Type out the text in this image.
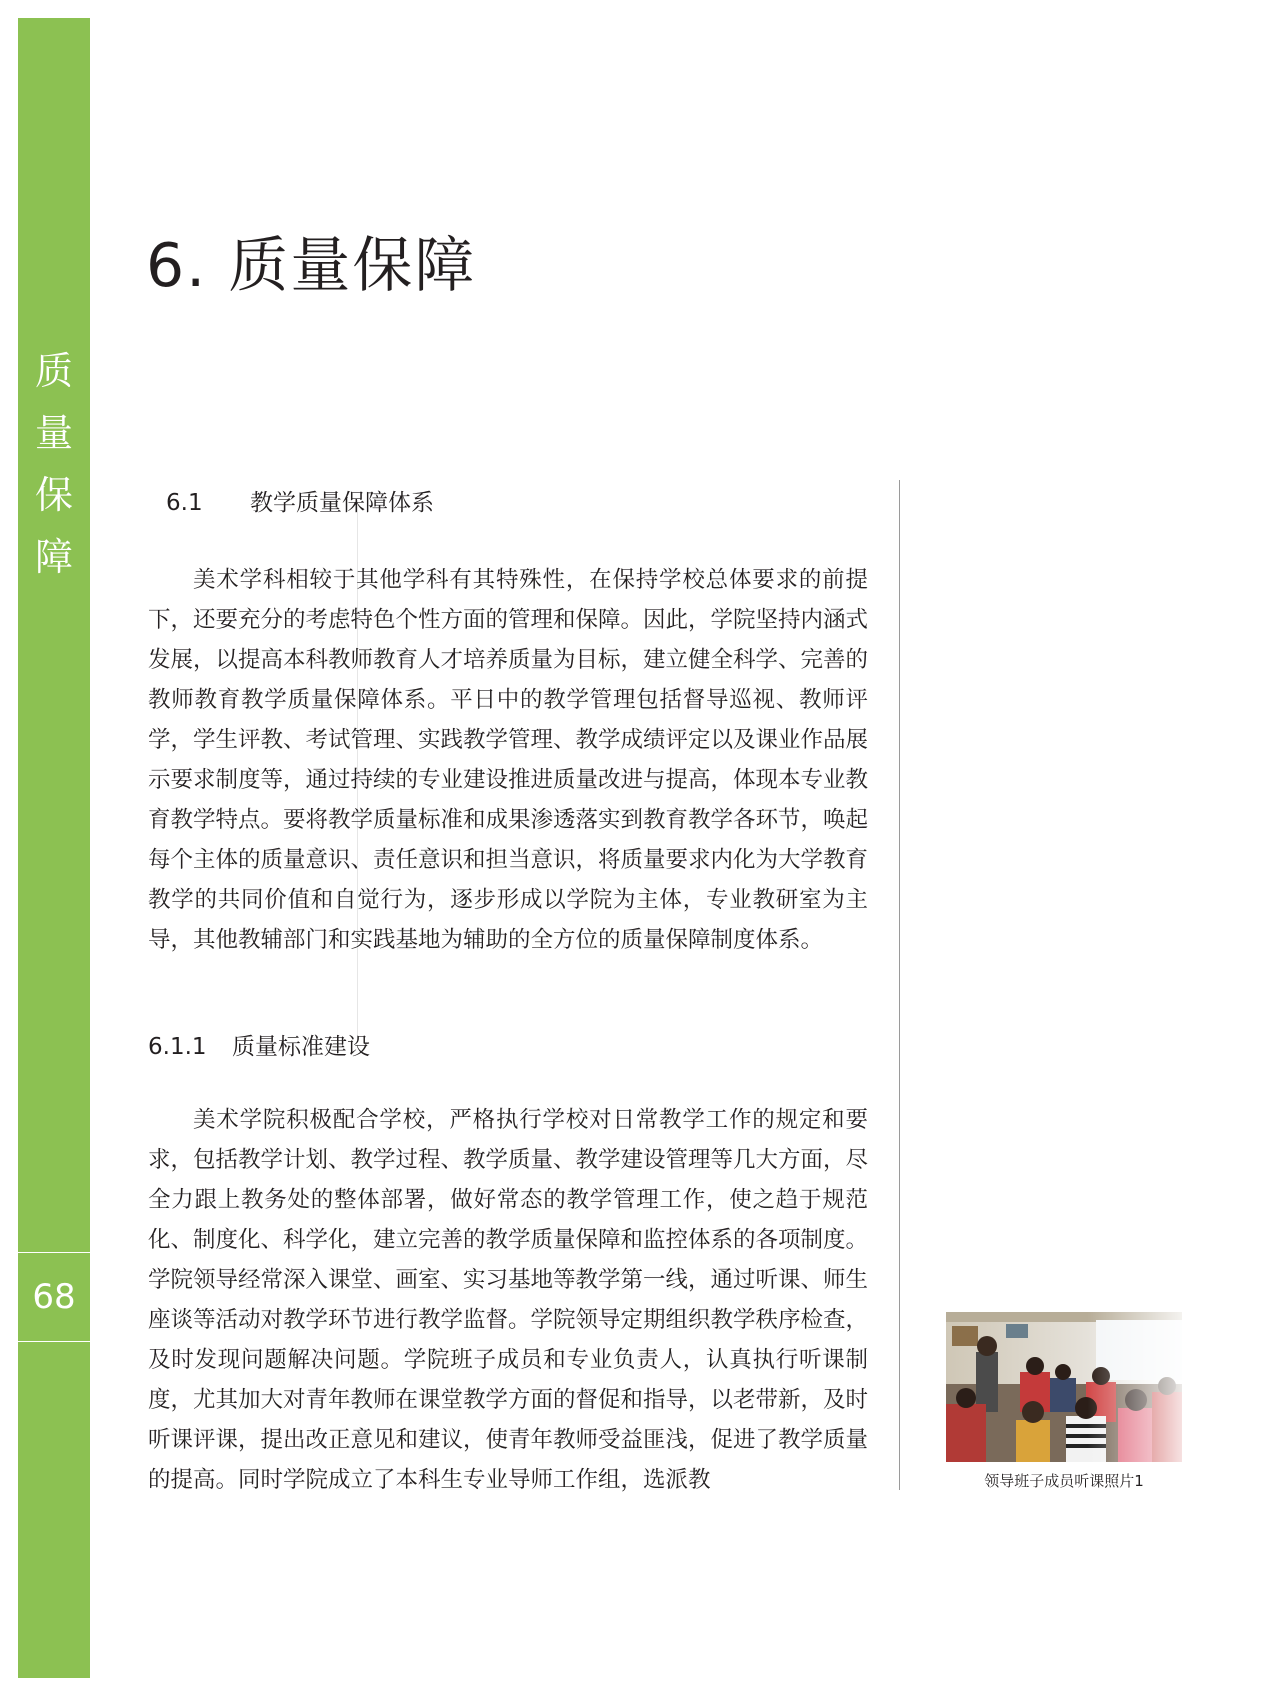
质
量
保
障
68
6. 质量保障
6.1 教学质量保障体系

美术学科相较于其他学科有其特殊性，在保持学校总体要求的前提下，还要充分的考虑特色个性方面的管理和保障。因此，学院坚持内涵式发展，以提高本科教师教育人才培养质量为目标，建立健全科学、完善的教师教育教学质量保障体系。平日中的教学管理包括督导巡视、教师评学，学生评教、考试管理、实践教学管理、教学成绩评定以及课业作品展示要求制度等，通过持续的专业建设推进质量改进与提高，体现本专业教育教学特点。要将教学质量标准和成果渗透落实到教育教学各环节，唤起每个主体的质量意识、责任意识和担当意识，将质量要求内化为大学教育教学的共同价值和自觉行为，逐步形成以学院为主体，专业教研室为主导，其他教辅部门和实践基地为辅助的全方位的质量保障制度体系。

6.1.1 质量标准建设

美术学院积极配合学校，严格执行学校对日常教学工作的规定和要求，包括教学计划、教学过程、教学质量、教学建设管理等几大方面，尽全力跟上教务处的整体部署，做好常态的教学管理工作，使之趋于规范化、制度化、科学化，建立完善的教学质量保障和监控体系的各项制度。学院领导经常深入课堂、画室、实习基地等教学第一线，通过听课、师生座谈等活动对教学环节进行教学监督。学院领导定期组织教学秩序检查，及时发现问题解决问题。学院班子成员和专业负责人，认真执行听课制度，尤其加大对青年教师在课堂教学方面的督促和指导，以老带新，及时听课评课，提出改正意见和建议，使青年教师受益匪浅，促进了教学质量的提高。同时学院成立了本科生专业导师工作组，选派教	领导班子成员听课照片1
